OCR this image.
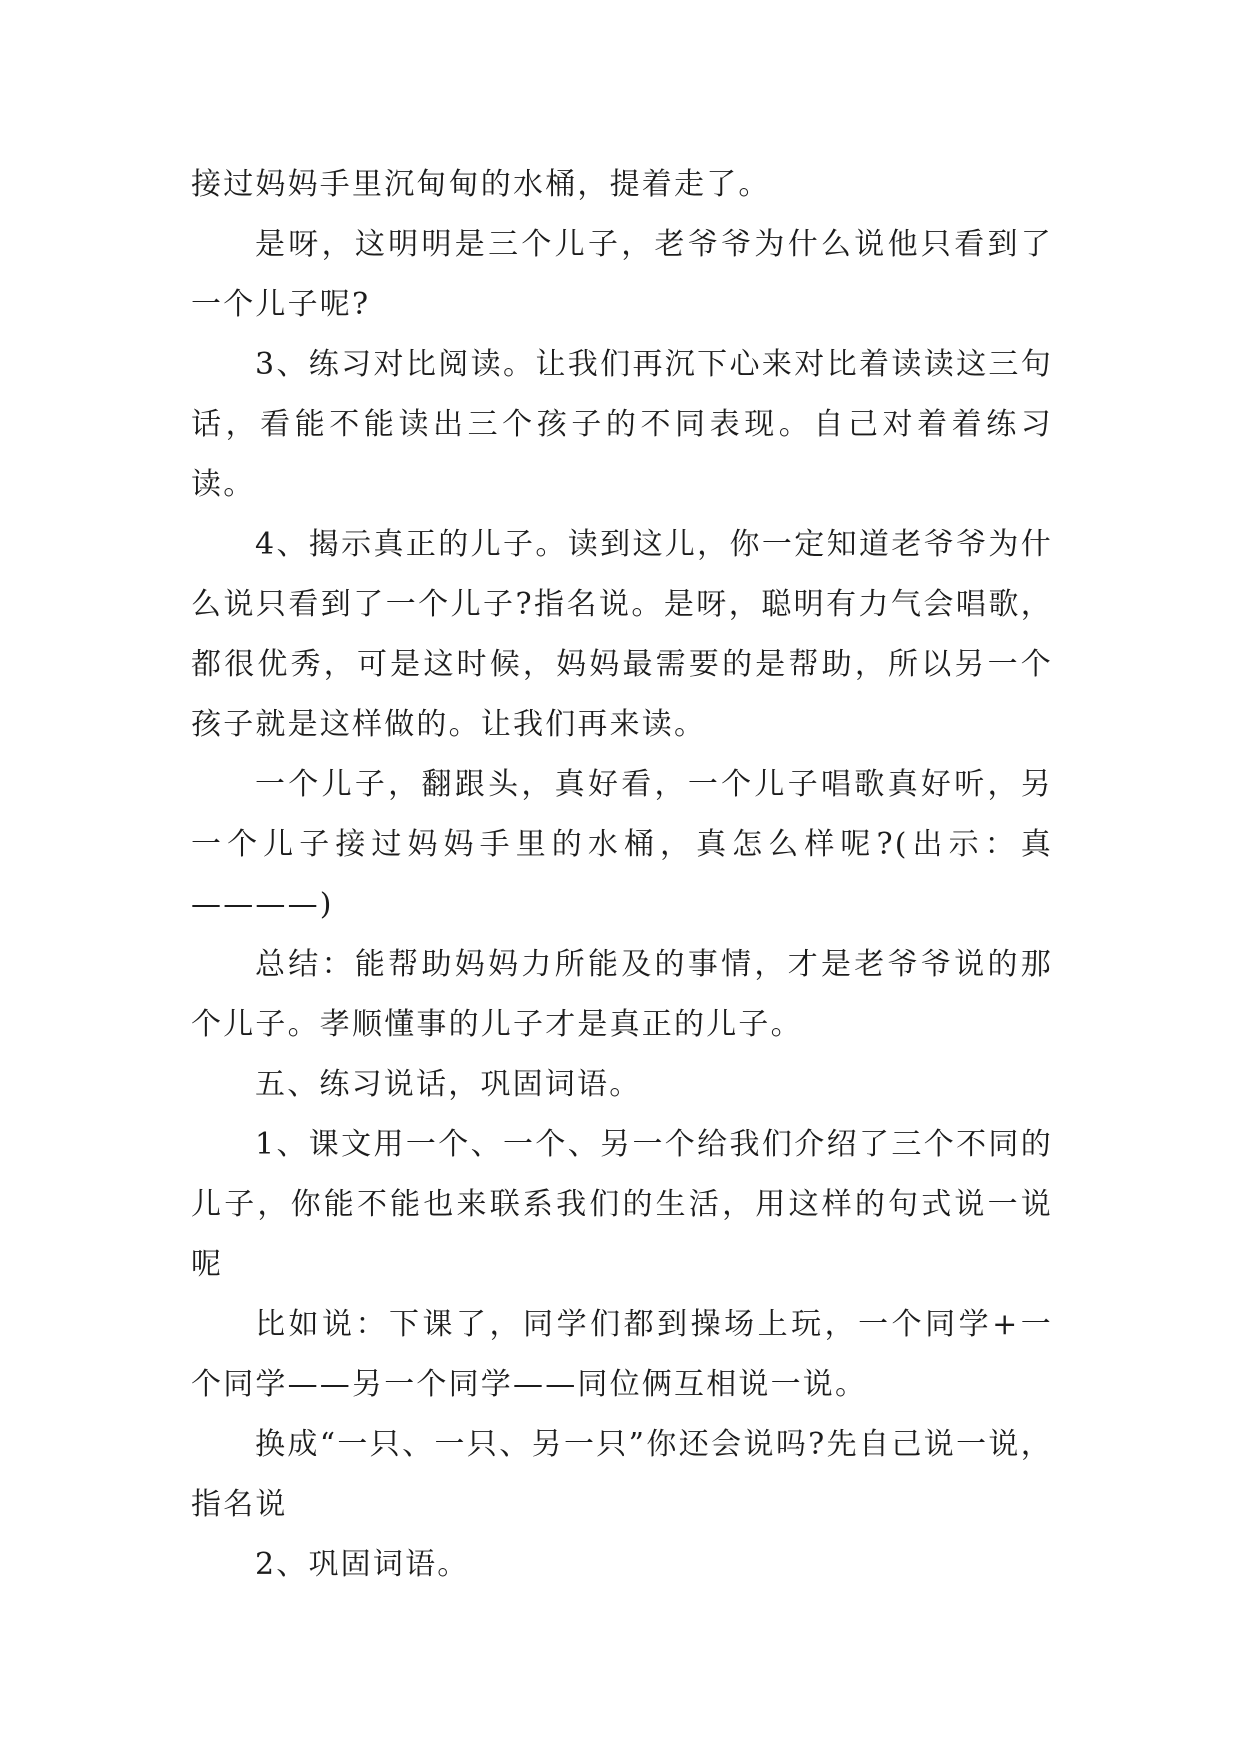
接过妈妈手里沉甸甸的水桶，提着走了。

是呀，这明明是三个儿子，老爷爷为什么说他只看到了一个儿子呢?

3、练习对比阅读。让我们再沉下心来对比着读读这三句话，看能不能读出三个孩子的不同表现。自己对着着练习读。

4、揭示真正的儿子。读到这儿，你一定知道老爷爷为什么说只看到了一个儿子?指名说。是呀，聪明有力气会唱歌，都很优秀，可是这时候，妈妈最需要的是帮助，所以另一个孩子就是这样做的。让我们再来读。

一个儿子，翻跟头，真好看，一个儿子唱歌真好听，另一个儿子接过妈妈手里的水桶，真怎么样呢?(出示：真————)

总结：能帮助妈妈力所能及的事情，才是老爷爷说的那个儿子。孝顺懂事的儿子才是真正的儿子。

五、练习说话，巩固词语。

1、课文用一个、一个、另一个给我们介绍了三个不同的儿子，你能不能也来联系我们的生活，用这样的句式说一说呢

比如说：下课了，同学们都到操场上玩，一个同学+一个同学——另一个同学——同位俩互相说一说。

换成“一只、一只、另一只”你还会说吗?先自己说一说，指名说

2、巩固词语。
